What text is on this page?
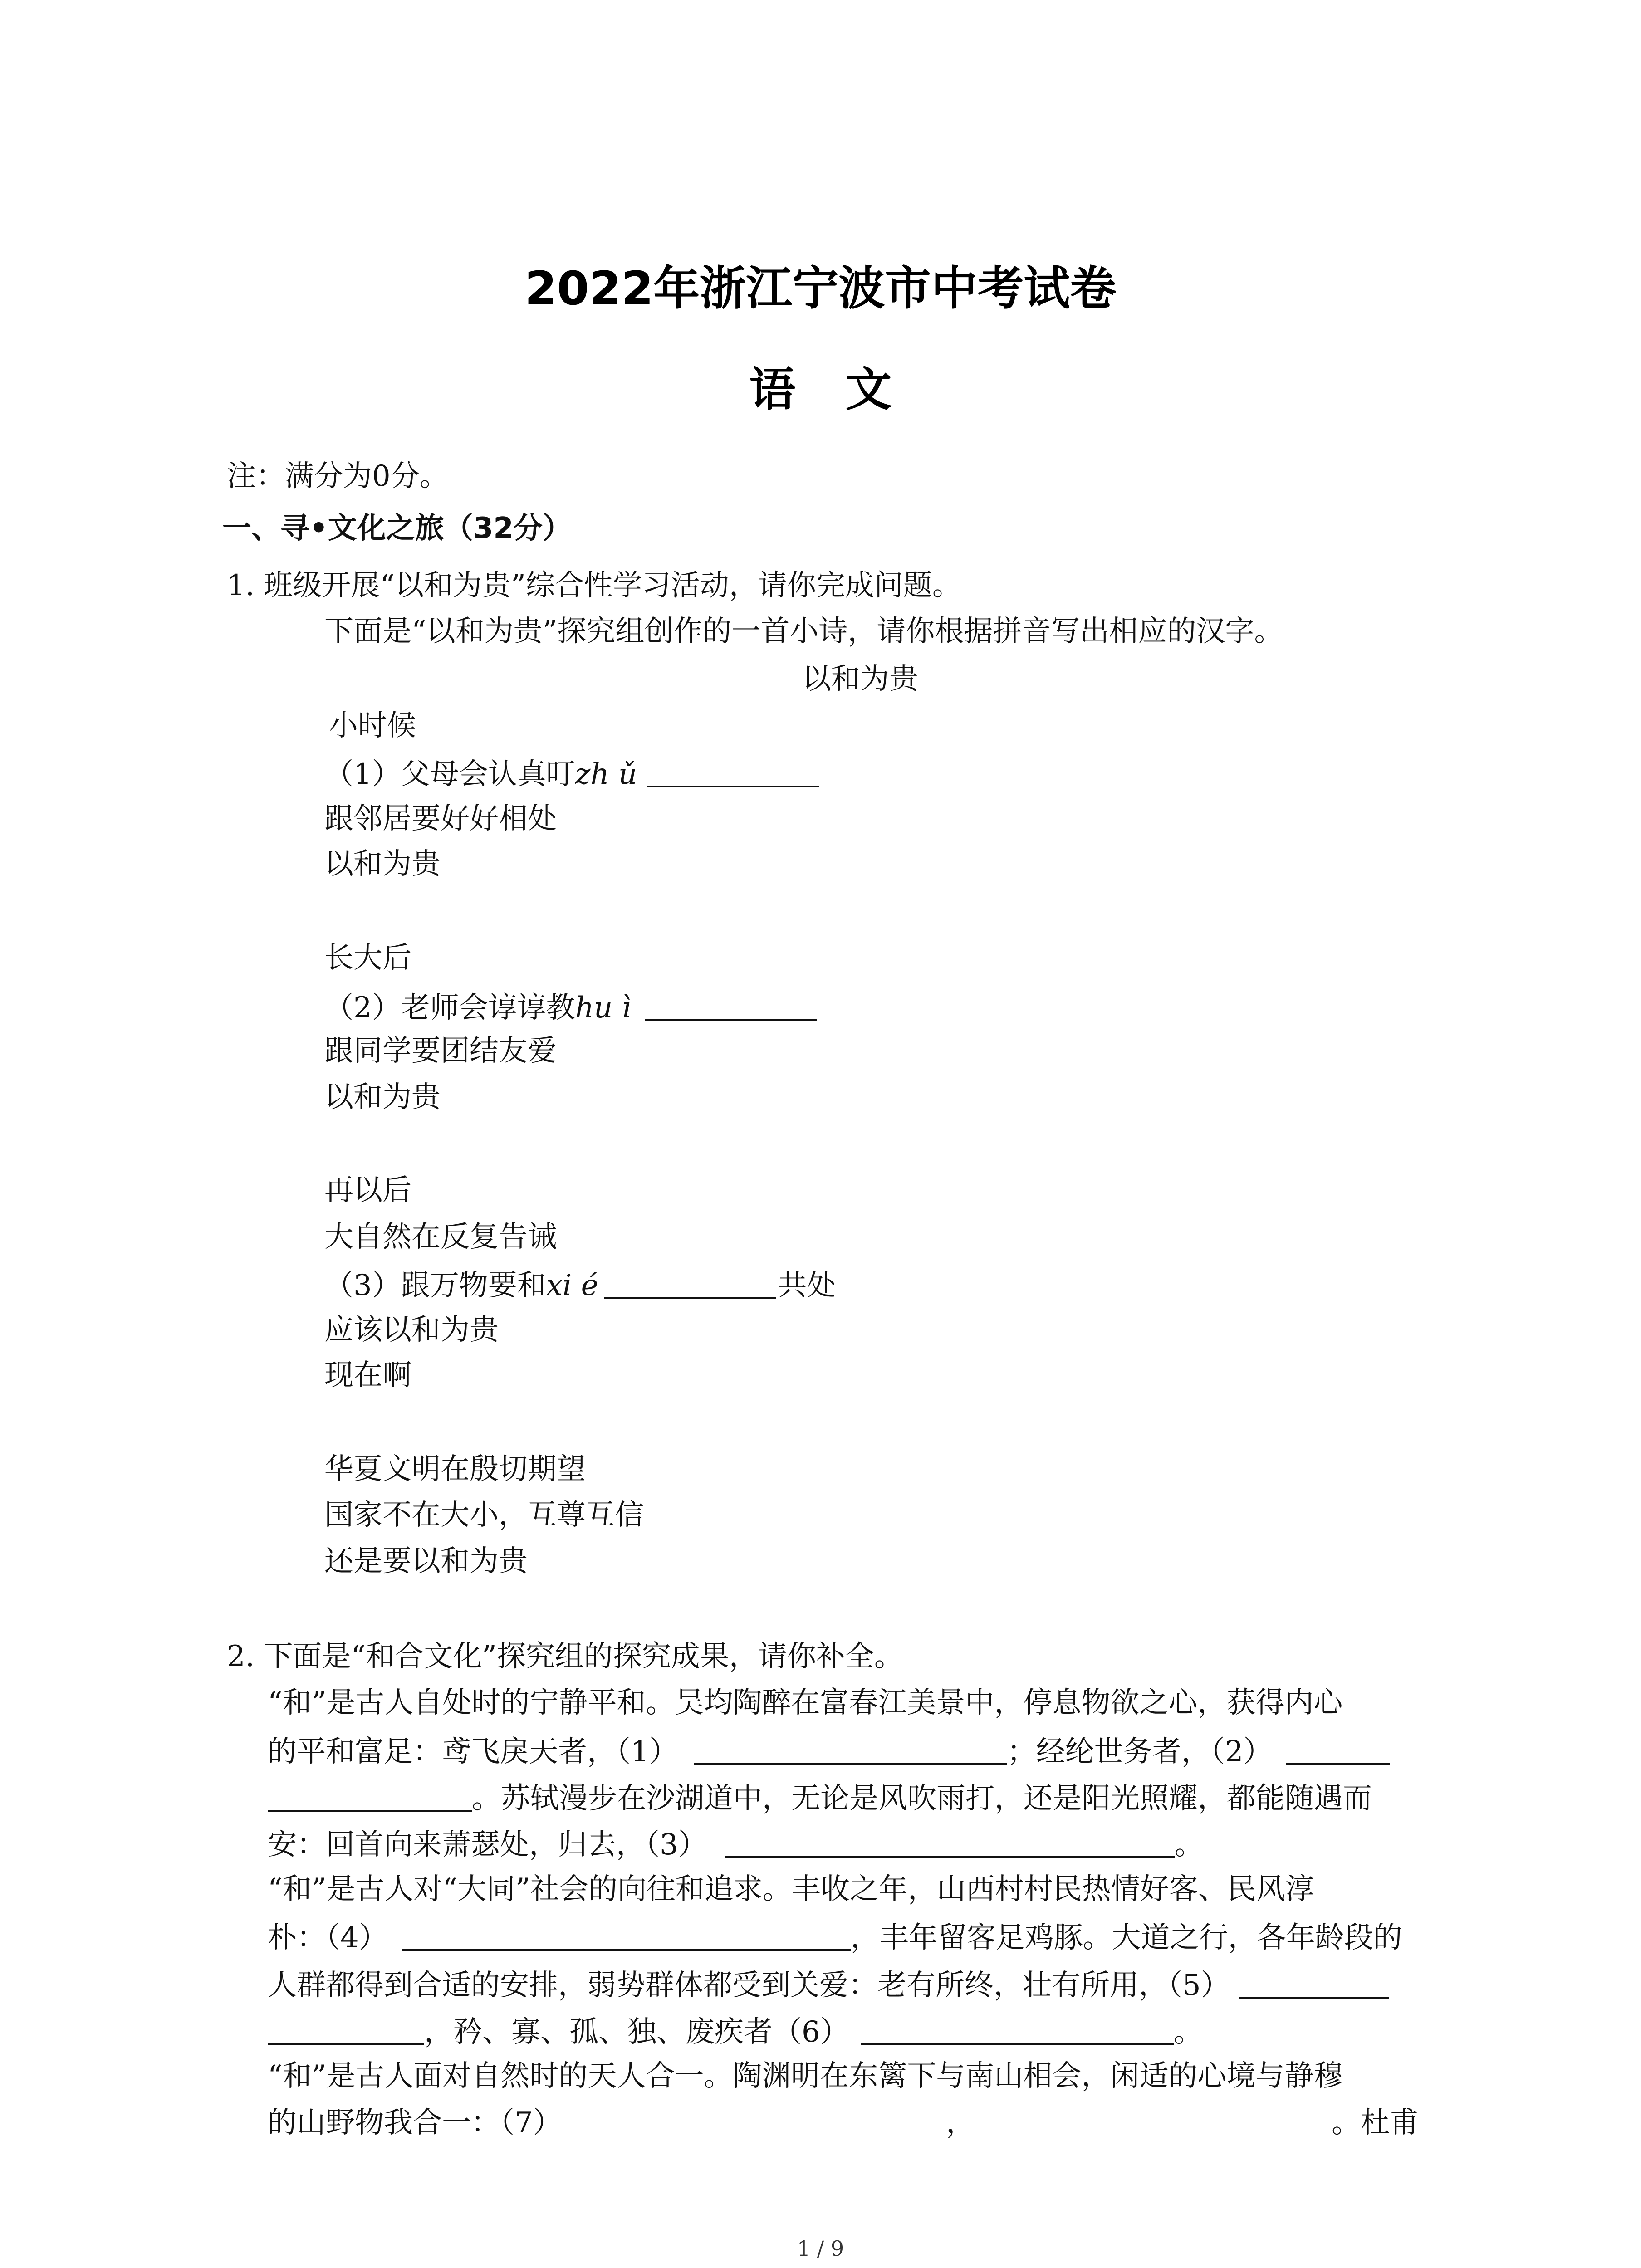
2022年浙江宁波市中考试卷
语文
注：满分为0分。
一、寻•文化之旅（32分）
1. 班级开展“以和为贵”综合性学习活动，请你完成问题。
下面是“以和为贵”探究组创作的一首小诗，请你根据拼音写出相应的汉字。
以和为贵
小时候
（1）父母会认真叮zh ǔ
跟邻居要好好相处
以和为贵
长大后
（2）老师会谆谆教hu ì
跟同学要团结友爱
以和为贵
再以后
大自然在反复告诫
（3）跟万物要和xi é	共处
应该以和为贵
现在啊
华夏文明在殷切期望
国家不在大小，互尊互信
还是要以和为贵
2. 下面是“和合文化”探究组的探究成果，请你补全。
“和”是古人自处时的宁静平和。吴均陶醉在富春江美景中，停息物欲之心，获得内心
的平和富足：鸢飞戾天者，（1）	；经纶世务者，（2）
。苏轼漫步在沙湖道中，无论是风吹雨打，还是阳光照耀，都能随遇而
安：回首向来萧瑟处，归去，（3）	。
“和”是古人对“大同”社会的向往和追求。丰收之年，山西村村民热情好客、民风淳
朴：（4）	，丰年留客足鸡豚。大道之行，各年龄段的
人群都得到合适的安排，弱势群体都受到关爱：老有所终，壮有所用，（5）
，矜、寡、孤、独、废疾者（6）	。
“和”是古人面对自然时的天人合一。陶渊明在东篱下与南山相会，闲适的心境与静穆
的山野物我合一：（7）	，	。杜甫
1 / 9
